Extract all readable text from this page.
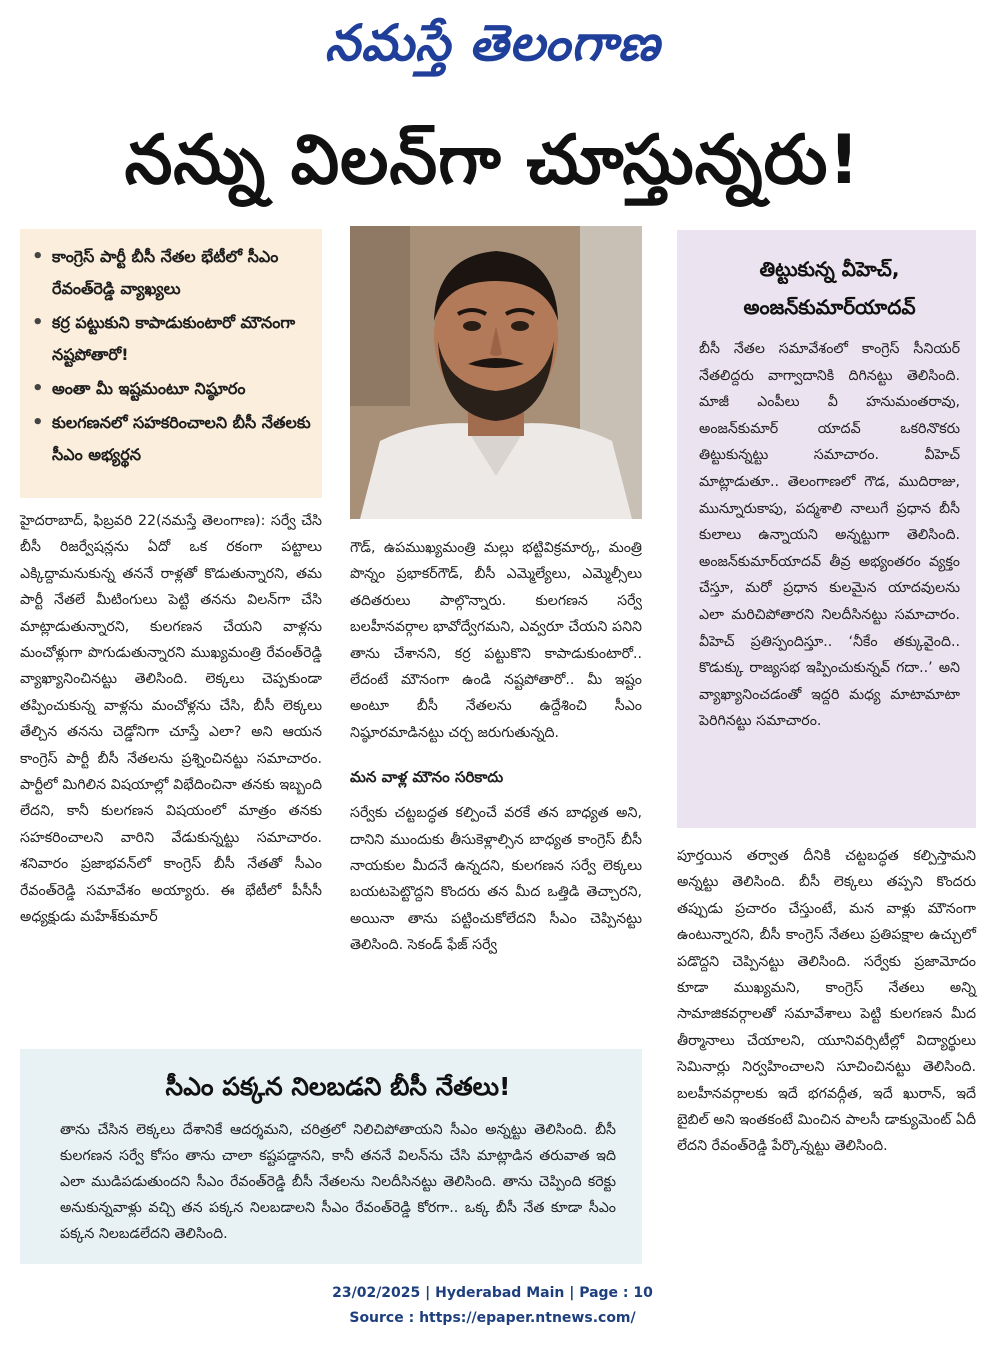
నమస్తే తెలంగాణ
నన్ను విలన్‌గా చూస్తున్నరు!
• కాంగ్రెస్ పార్టీ బీసీ నేతల భేటీలో సీఎం రేవంత్‌రెడ్డి వ్యాఖ్యలు
• కర్ర పట్టుకుని కాపాడుకుంటారో మౌనంగా నష్టపోతారో!
• అంతా మీ ఇష్టమంటూ నిష్ఠూరం
• కులగణనలో సహకరించాలని బీసీ నేతలకు సీఎం అభ్యర్థన
తిట్టుకున్న వీహెచ్,
అంజన్‌కుమార్‌యాదవ్
బీసీ నేతల సమావేశంలో కాంగ్రెస్ సీనియర్ నేతలిద్దరు వాగ్వాదానికి దిగినట్టు తెలిసింది. మాజీ ఎంపీలు వీ హనుమంతరావు, అంజన్‌కుమార్ యాదవ్ ఒకరినొకరు తిట్టుకున్నట్టు సమాచారం. వీహెచ్ మాట్లాడుతూ.. తెలంగాణలో గౌడ, ముదిరాజు, మున్నూరుకాపు, పద్మశాలి నాలుగే ప్రధాన బీసీ కులాలు ఉన్నాయని అన్నట్టుగా తెలిసింది. అంజన్‌కుమార్‌యాదవ్ తీవ్ర అభ్యంతరం వ్యక్తం చేస్తూ, మరో ప్రధాన కులమైన యాదవులను ఎలా మరిచిపోతారని నిలదీసినట్టు సమాచారం. వీహెచ్ ప్రతిస్పందిస్తూ.. ‘నీకేం తక్కువైంది.. కొడుక్కు రాజ్యసభ ఇప్పించుకున్నవ్ గదా..’ అని వ్యాఖ్యానించడంతో ఇద్దరి మధ్య మాటామాటా పెరిగినట్టు సమాచారం.

హైదరాబాద్, ఫిబ్రవరి 22(నమస్తే తెలంగాణ): సర్వే చేసి బీసీ రిజర్వేషన్లను ఏదో ఒక రకంగా పట్టాలు ఎక్కిద్దామనుకున్న తననే రాళ్లతో కొడుతున్నారని, తమ పార్టీ నేతలే మీటింగులు పెట్టి తనను విలన్‌గా చేసి మాట్లాడుతున్నారని, కులగణన చేయని వాళ్లను మంచోళ్లుగా పొగుడుతున్నారని ముఖ్యమంత్రి రేవంత్‌రెడ్డి వ్యాఖ్యానించినట్టు తెలిసింది. లెక్కలు చెప్పకుండా తప్పించుకున్న వాళ్లను మంచోళ్లను చేసి, బీసీ లెక్కలు తేల్చిన తనను చెడ్డోనిగా చూస్తే ఎలా? అని ఆయన కాంగ్రెస్ పార్టీ బీసీ నేతలను ప్రశ్నించినట్టు సమాచారం. పార్టీలో మిగిలిన విషయాల్లో విభేదించినా తనకు ఇబ్బంది లేదని, కానీ కులగణన విషయంలో మాత్రం తనకు సహకరించాలని వారిని వేడుకున్నట్టు సమాచారం. శనివారం ప్రజాభవన్‌లో కాంగ్రెస్ బీసీ నేతతో సీఎం రేవంత్‌రెడ్డి సమావేశం అయ్యారు. ఈ భేటీలో పీసీసీ అధ్యక్షుడు మహేశ్‌కుమార్

గౌడ్, ఉపముఖ్యమంత్రి మల్లు భట్టివిక్రమార్క, మంత్రి పొన్నం ప్రభాకర్‌గౌడ్, బీసీ ఎమ్మెల్యేలు, ఎమ్మెల్సీలు తదితరులు పాల్గొన్నారు. కులగణన సర్వే బలహీనవర్గాల భావోద్వేగమని, ఎవ్వరూ చేయని పనిని తాను చేశానని, కర్ర పట్టుకొని కాపాడుకుంటారో.. లేదంటే మౌనంగా ఉండి నష్టపోతారో.. మీ ఇష్టం అంటూ బీసీ నేతలను ఉద్దేశించి సీఎం నిష్ఠూరమాడినట్టు చర్చ జరుగుతున్నది.

మన వాళ్ల మౌనం సరికాదు

సర్వేకు చట్టబద్ధత కల్పించే వరకే తన బాధ్యత అని, దానిని ముందుకు తీసుకెళ్లాల్సిన బాధ్యత కాంగ్రెస్ బీసీ నాయకుల మీదనే ఉన్నదని, కులగణన సర్వే లెక్కలు బయటపెట్టొద్దని కొందరు తన మీద ఒత్తిడి తెచ్చారని, అయినా తాను పట్టించుకోలేదని సీఎం చెప్పినట్టు తెలిసింది. సెకండ్ ఫేజ్ సర్వే

పూర్తయిన తర్వాత దీనికి చట్టబద్ధత కల్పిస్తామని అన్నట్టు తెలిసింది. బీసీ లెక్కలు తప్పని కొందరు తప్పుడు ప్రచారం చేస్తుంటే, మన వాళ్లు మౌనంగా ఉంటున్నారని, బీసీ కాంగ్రెస్ నేతలు ప్రతిపక్షాల ఉచ్చులో పడొద్దని చెప్పినట్టు తెలిసింది. సర్వేకు ప్రజామోదం కూడా ముఖ్యమని, కాంగ్రెస్ నేతలు అన్ని సామాజికవర్గాలతో సమావేశాలు పెట్టి కులగణన మీద తీర్మానాలు చేయాలని, యూనివర్సిటీల్లో విద్యార్థులు సెమినార్లు నిర్వహించాలని సూచించినట్టు తెలిసింది. బలహీనవర్గాలకు ఇదే భగవద్గీత, ఇదే ఖురాన్, ఇదే బైబిల్ అని ఇంతకంటే మించిన పాలసీ డాక్యుమెంట్ ఏదీ లేదని రేవంత్‌రెడ్డి పేర్కొన్నట్టు తెలిసింది.

సీఎం పక్కన నిలబడని బీసీ నేతలు!
తాను చేసిన లెక్కలు దేశానికే ఆదర్శమని, చరిత్రలో నిలిచిపోతాయని సీఎం అన్నట్టు తెలిసింది. బీసీ కులగణన సర్వే కోసం తాను చాలా కష్టపడ్డానని, కానీ తననే విలన్‌ను చేసి మాట్లాడిన తరువాత ఇది ఎలా ముడిపడుతుందని సీఎం రేవంత్‌రెడ్డి బీసీ నేతలను నిలదీసినట్టు తెలిసింది. తాను చెప్పింది కరెక్టు అనుకున్నవాళ్లు వచ్చి తన పక్కన నిలబడాలని సీఎం రేవంత్‌రెడ్డి కోరగా.. ఒక్క బీసీ నేత కూడా సీఎం పక్కన నిలబడలేదని తెలిసింది.
23/02/2025 | Hyderabad Main | Page : 10
Source : https://epaper.ntnews.com/
